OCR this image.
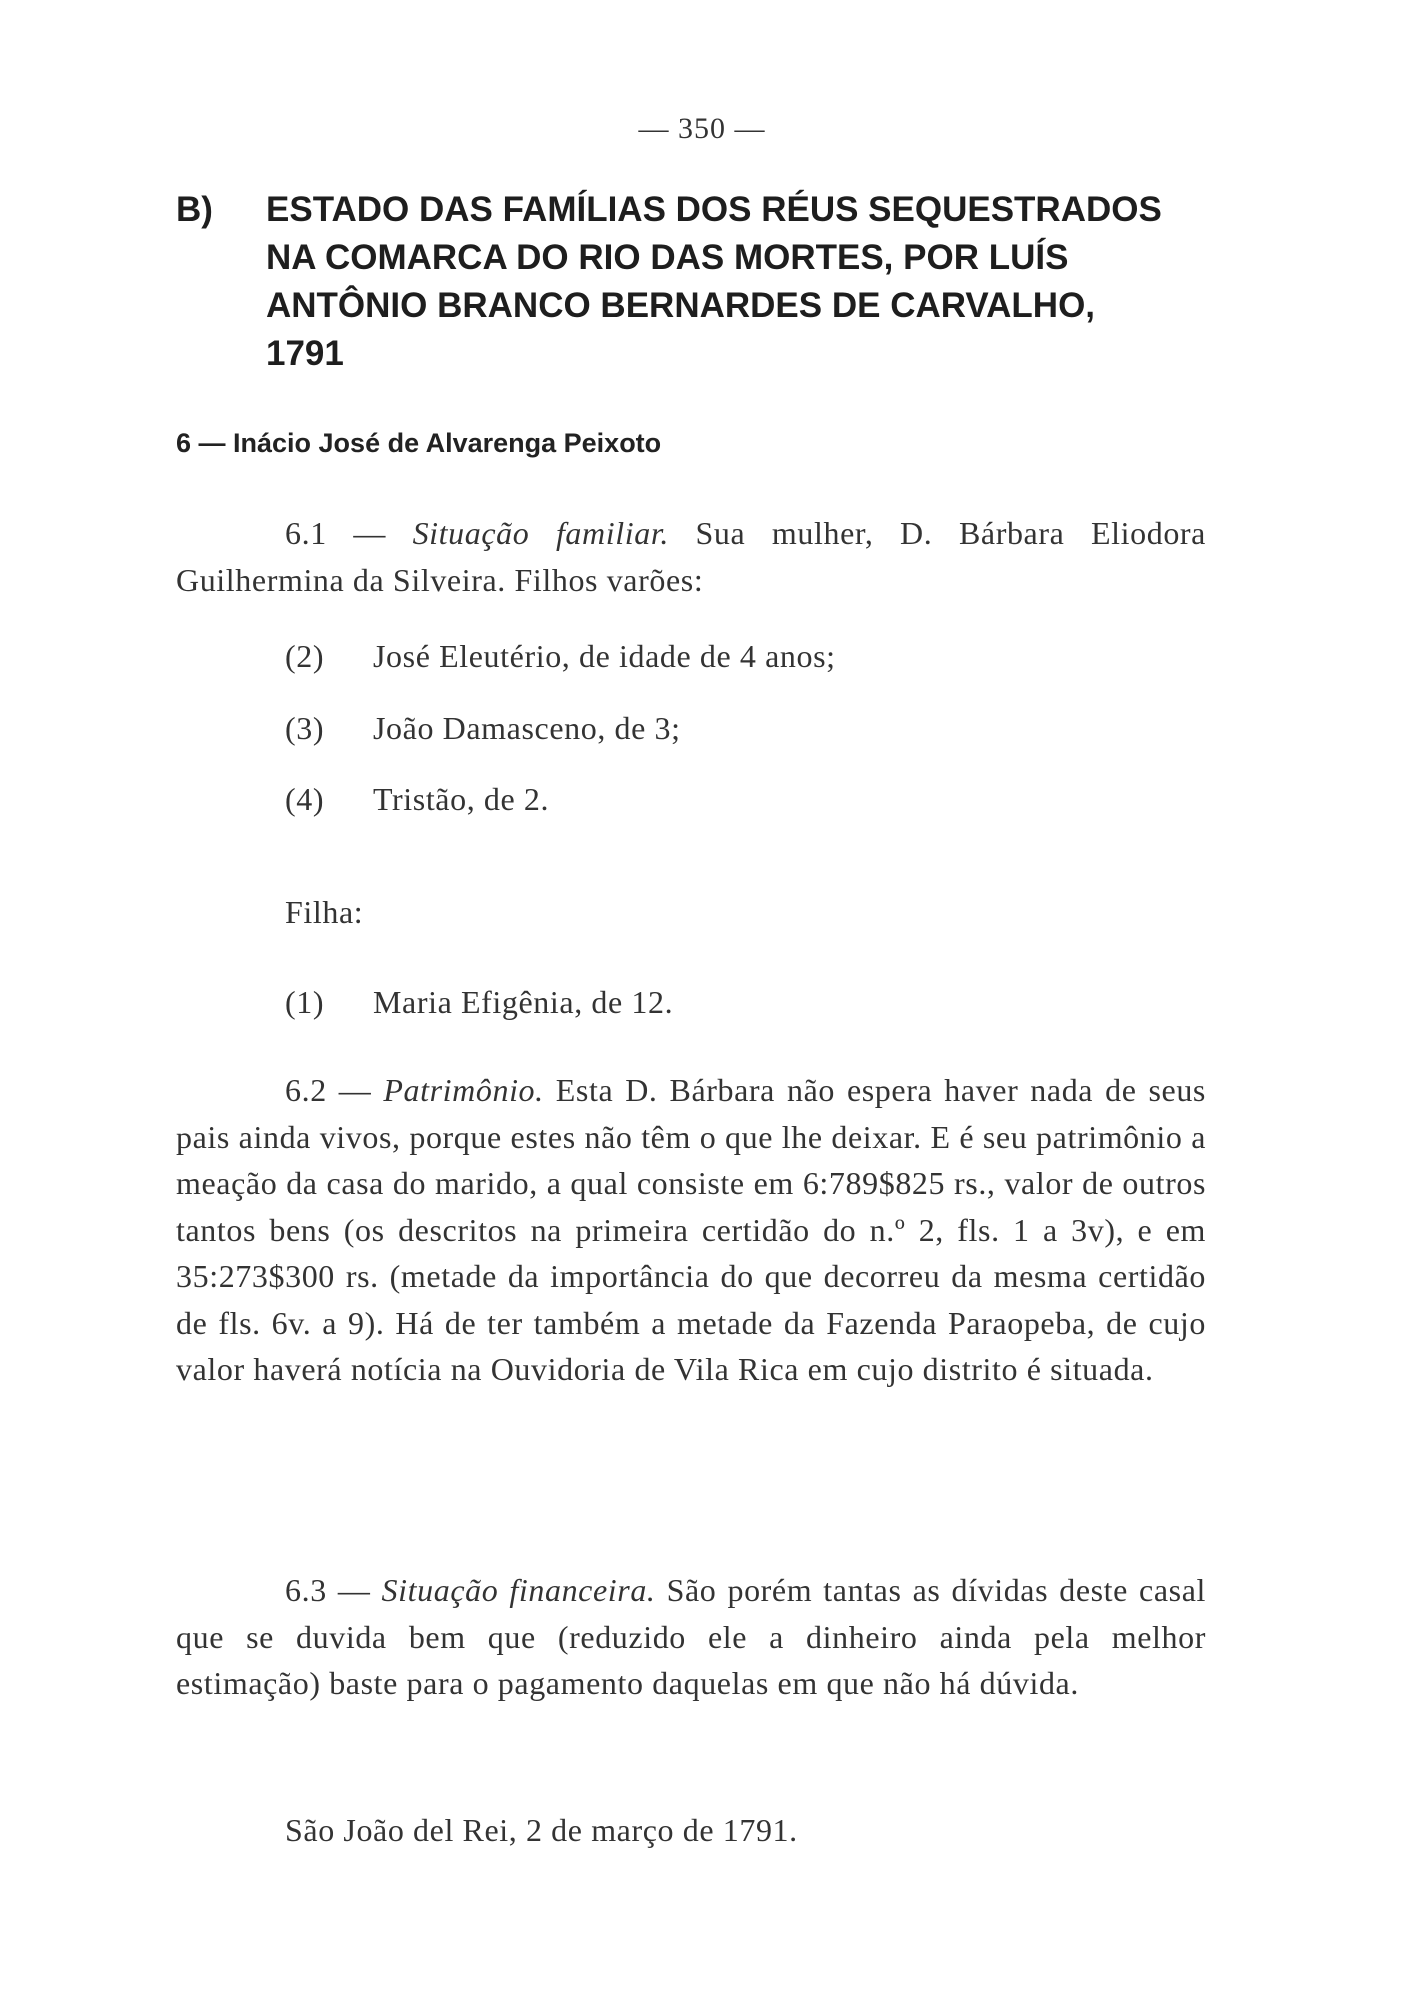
— 350 —
B)	ESTADO DAS FAMÍLIAS DOS RÉUS SEQUESTRADOS
NA COMARCA DO RIO DAS MORTES, POR LUÍS
ANTÔNIO BRANCO BERNARDES DE CARVALHO,
1791
6 — Inácio José de Alvarenga Peixoto

6.1 — Situação familiar. Sua mulher, D. Bárbara Eliodora Guilhermina da Silveira. Filhos varões:

(2) José Eleutério, de idade de 4 anos;
(3) João Damasceno, de 3;
(4) Tristão, de 2.
Filha:
(1) Maria Efigênia, de 12.

6.2 — Patrimônio. Esta D. Bárbara não espera haver nada de seus pais ainda vivos, porque estes não têm o que lhe deixar. E é seu patrimônio a meação da casa do marido, a qual consiste em 6:789$825 rs., valor de outros tantos bens (os descritos na primeira certidão do n.º 2, fls. 1 a 3v), e em 35:273$300 rs. (metade da importância do que decorreu da mesma certidão de fls. 6v. a 9). Há de ter também a metade da Fazenda Paraopeba, de cujo valor haverá notícia na Ouvidoria de Vila Rica em cujo distrito é situada.

6.3 — Situação financeira. São porém tantas as dívidas deste casal que se duvida bem que (reduzido ele a dinheiro ainda pela melhor estimação) baste para o pagamento daquelas em que não há dúvida.

São João del Rei, 2 de março de 1791.
